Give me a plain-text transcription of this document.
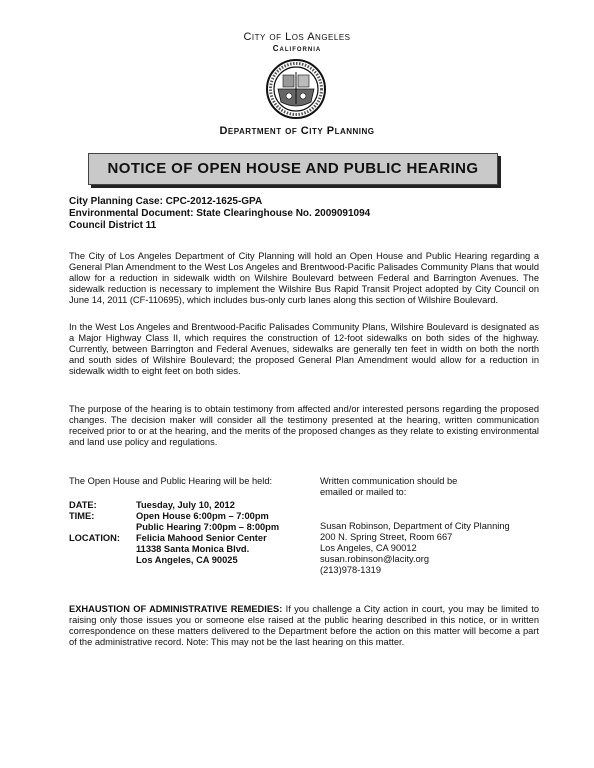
City of Los Angeles
California
Department of City Planning
NOTICE OF OPEN HOUSE AND PUBLIC HEARING
City Planning Case: CPC-2012-1625-GPA
Environmental Document: State Clearinghouse No. 2009091094
Council District 11
The City of Los Angeles Department of City Planning will hold an Open House and Public Hearing regarding a General Plan Amendment to the West Los Angeles and Brentwood-Pacific Palisades Community Plans that would allow for a reduction in sidewalk width on Wilshire Boulevard between Federal and Barrington Avenues. The sidewalk reduction is necessary to implement the Wilshire Bus Rapid Transit Project adopted by City Council on June 14, 2011 (CF-110695), which includes bus-only curb lanes along this section of Wilshire Boulevard.
In the West Los Angeles and Brentwood-Pacific Palisades Community Plans, Wilshire Boulevard is designated as a Major Highway Class II, which requires the construction of 12-foot sidewalks on both sides of the highway. Currently, between Barrington and Federal Avenues, sidewalks are generally ten feet in width on both the north and south sides of Wilshire Boulevard; the proposed General Plan Amendment would allow for a reduction in sidewalk width to eight feet on both sides.
The purpose of the hearing is to obtain testimony from affected and/or interested persons regarding the proposed changes. The decision maker will consider all the testimony presented at the hearing, written communication received prior to or at the hearing, and the merits of the proposed changes as they relate to existing environmental and land use policy and regulations.
The Open House and Public Hearing will be held:	Written communication should be
emailed or mailed to:
DATE:	Tuesday, July 10, 2012
TIME:	Open House 6:00pm – 7:00pm
Public Hearing 7:00pm – 8:00pm
LOCATION:	Felicia Mahood Senior Center
11338 Santa Monica Blvd.
Los Angeles, CA 90025
Susan Robinson, Department of City Planning
200 N. Spring Street, Room 667
Los Angeles, CA 90012
susan.robinson@lacity.org
(213)978-1319
EXHAUSTION OF ADMINISTRATIVE REMEDIES: If you challenge a City action in court, you may be limited to raising only those issues you or someone else raised at the public hearing described in this notice, or in written correspondence on these matters delivered to the Department before the action on this matter will become a part of the administrative record. Note: This may not be the last hearing on this matter.
